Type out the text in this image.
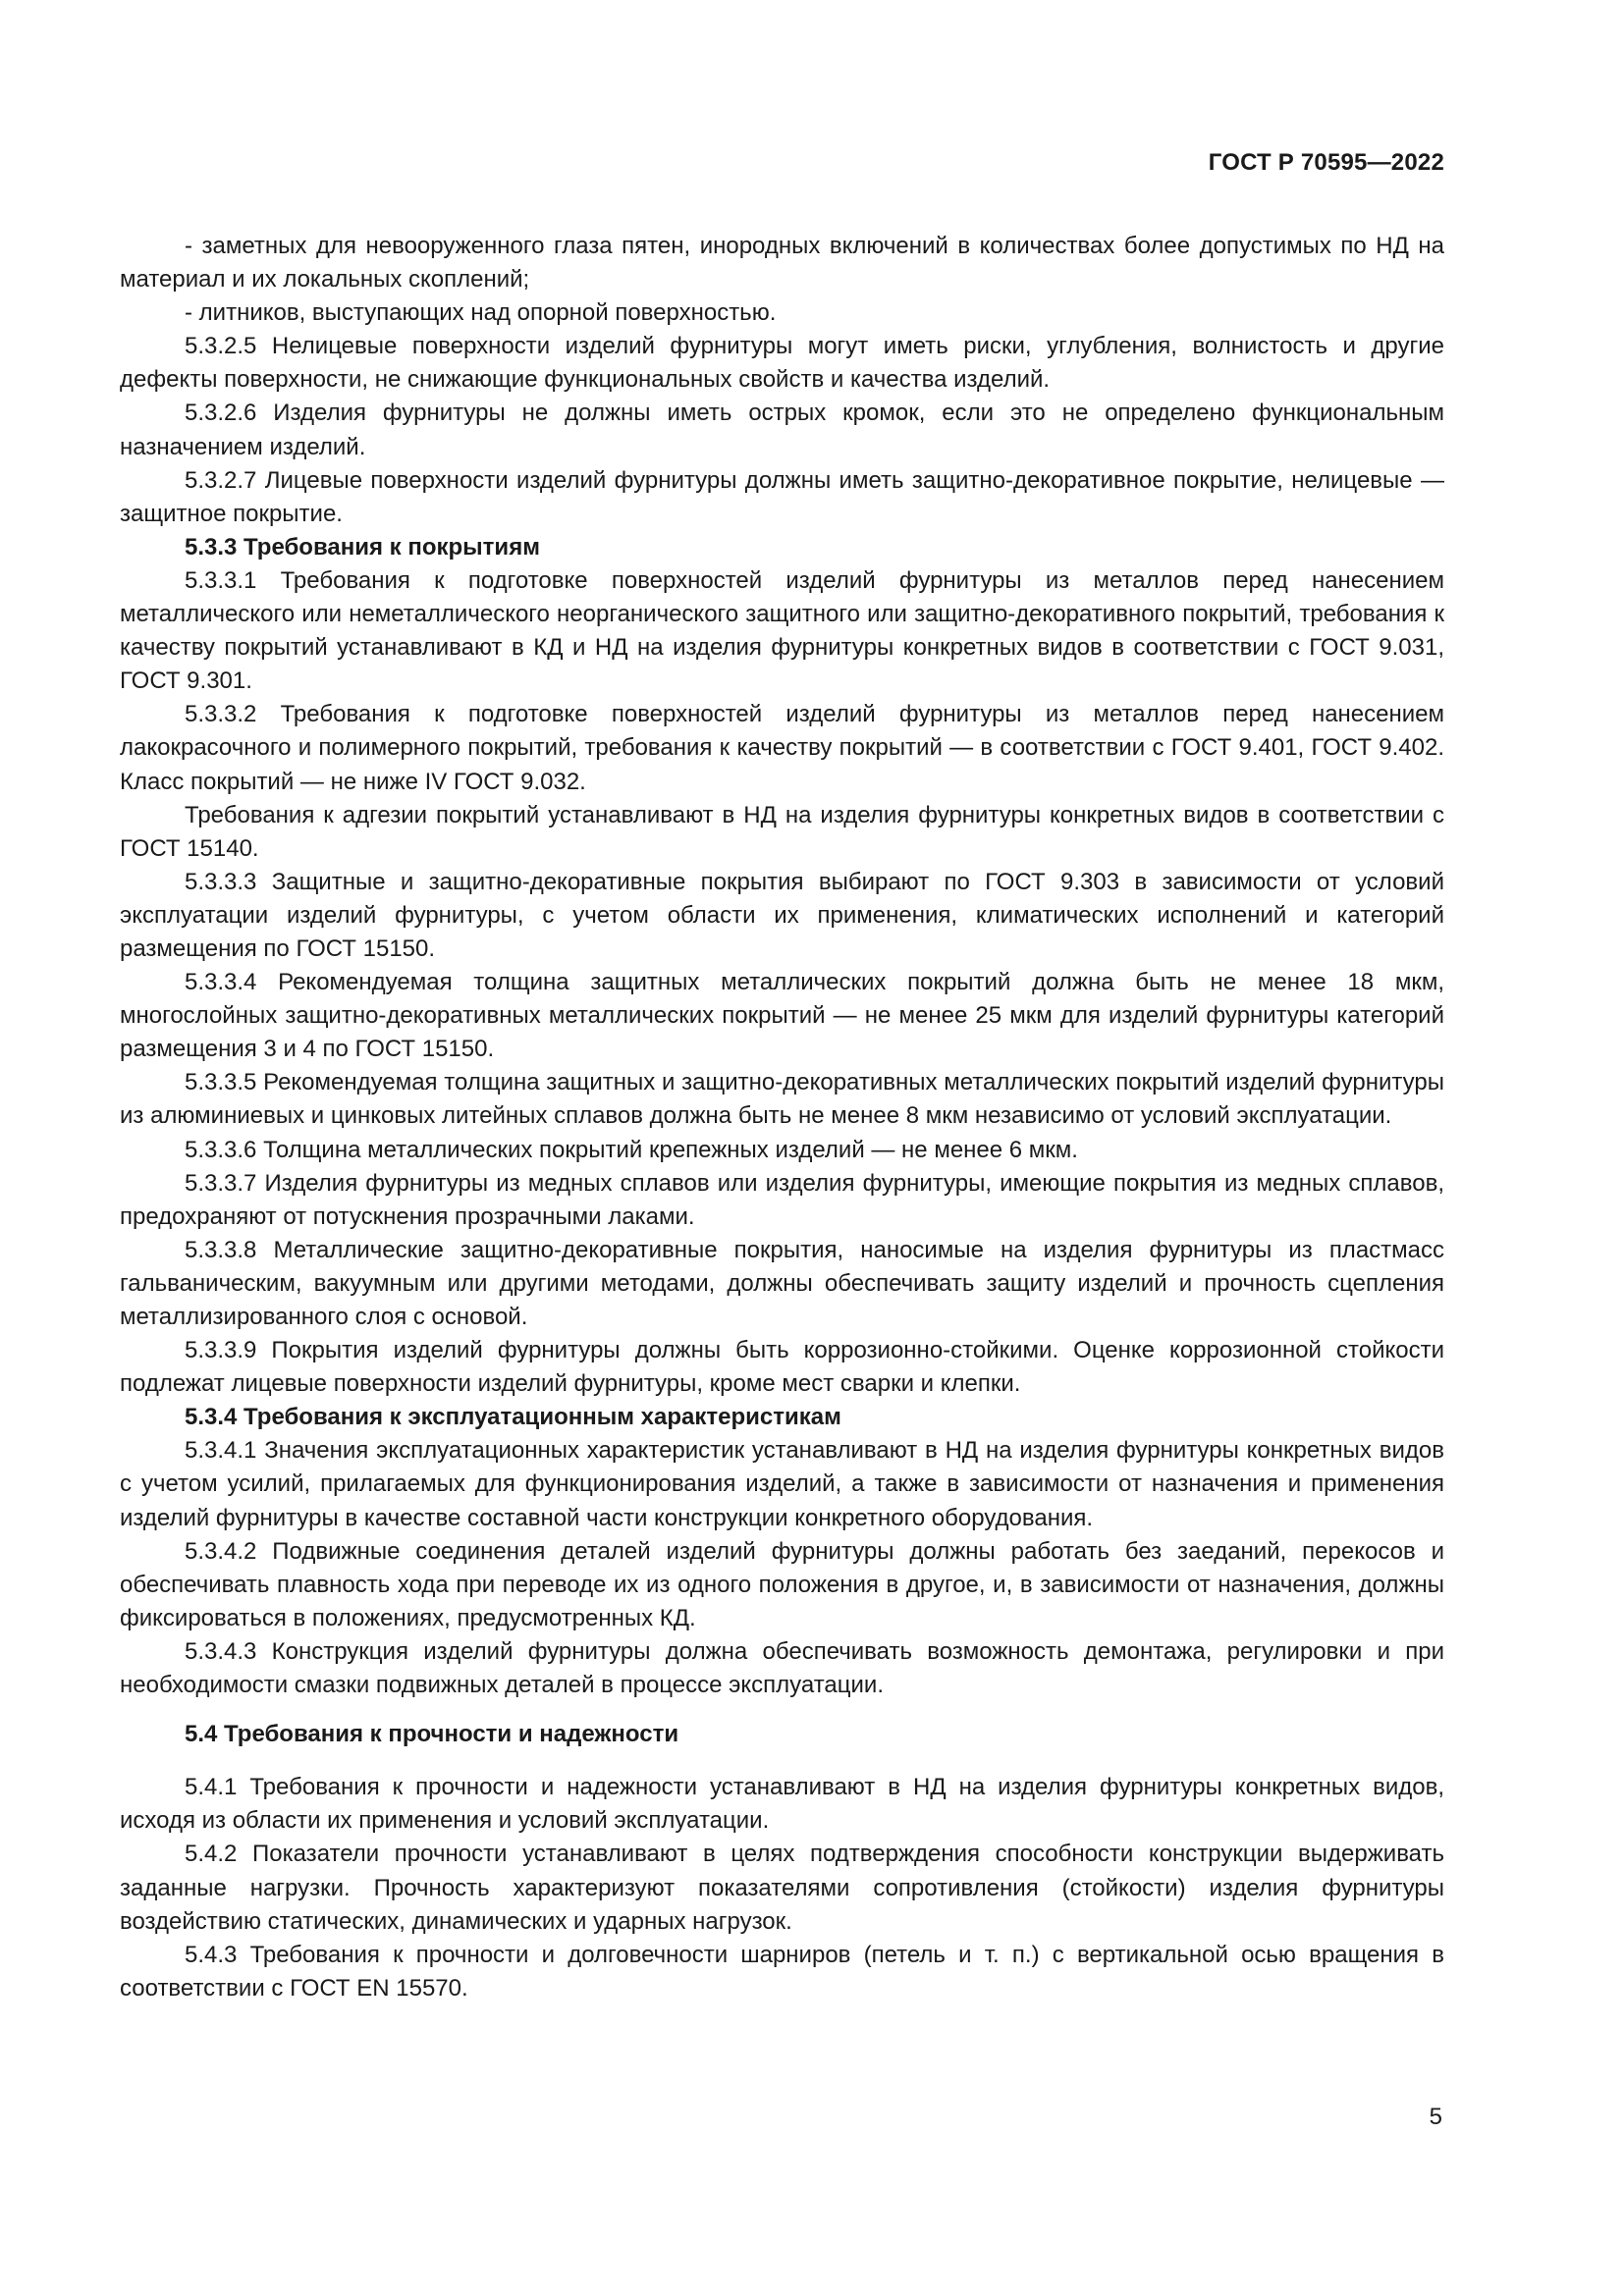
ГОСТ Р 70595—2022

- заметных для невооруженного глаза пятен, инородных включений в количествах более допустимых по НД на материал и их локальных скоплений;

- литников, выступающих над опорной поверхностью.

5.3.2.5 Нелицевые поверхности изделий фурнитуры могут иметь риски, углубления, волнистость и другие дефекты поверхности, не снижающие функциональных свойств и качества изделий.

5.3.2.6 Изделия фурнитуры не должны иметь острых кромок, если это не определено функциональным назначением изделий.

5.3.2.7 Лицевые поверхности изделий фурнитуры должны иметь защитно-декоративное покрытие, нелицевые — защитное покрытие.

5.3.3 Требования к покрытиям

5.3.3.1 Требования к подготовке поверхностей изделий фурнитуры из металлов перед нанесением металлического или неметаллического неорганического защитного или защитно-декоративного покрытий, требования к качеству покрытий устанавливают в КД и НД на изделия фурнитуры конкретных видов в соответствии с ГОСТ 9.031, ГОСТ 9.301.

5.3.3.2 Требования к подготовке поверхностей изделий фурнитуры из металлов перед нанесением лакокрасочного и полимерного покрытий, требования к качеству покрытий — в соответствии с ГОСТ 9.401, ГОСТ 9.402. Класс покрытий — не ниже IV ГОСТ 9.032.

Требования к адгезии покрытий устанавливают в НД на изделия фурнитуры конкретных видов в соответствии с ГОСТ 15140.

5.3.3.3 Защитные и защитно-декоративные покрытия выбирают по ГОСТ 9.303 в зависимости от условий эксплуатации изделий фурнитуры, с учетом области их применения, климатических исполнений и категорий размещения по ГОСТ 15150.

5.3.3.4 Рекомендуемая толщина защитных металлических покрытий должна быть не менее 18 мкм, многослойных защитно-декоративных металлических покрытий — не менее 25 мкм для изделий фурнитуры категорий размещения 3 и 4 по ГОСТ 15150.

5.3.3.5 Рекомендуемая толщина защитных и защитно-декоративных металлических покрытий изделий фурнитуры из алюминиевых и цинковых литейных сплавов должна быть не менее 8 мкм независимо от условий эксплуатации.

5.3.3.6 Толщина металлических покрытий крепежных изделий — не менее 6 мкм.

5.3.3.7 Изделия фурнитуры из медных сплавов или изделия фурнитуры, имеющие покрытия из медных сплавов, предохраняют от потускнения прозрачными лаками.

5.3.3.8 Металлические защитно-декоративные покрытия, наносимые на изделия фурнитуры из пластмасс гальваническим, вакуумным или другими методами, должны обеспечивать защиту изделий и прочность сцепления металлизированного слоя с основой.

5.3.3.9 Покрытия изделий фурнитуры должны быть коррозионно-стойкими. Оценке коррозионной стойкости подлежат лицевые поверхности изделий фурнитуры, кроме мест сварки и клепки.

5.3.4 Требования к эксплуатационным характеристикам

5.3.4.1 Значения эксплуатационных характеристик устанавливают в НД на изделия фурнитуры конкретных видов с учетом усилий, прилагаемых для функционирования изделий, а также в зависимости от назначения и применения изделий фурнитуры в качестве составной части конструкции конкретного оборудования.

5.3.4.2 Подвижные соединения деталей изделий фурнитуры должны работать без заеданий, перекосов и обеспечивать плавность хода при переводе их из одного положения в другое, и, в зависимости от назначения, должны фиксироваться в положениях, предусмотренных КД.

5.3.4.3 Конструкция изделий фурнитуры должна обеспечивать возможность демонтажа, регулировки и при необходимости смазки подвижных деталей в процессе эксплуатации.

5.4 Требования к прочности и надежности

5.4.1 Требования к прочности и надежности устанавливают в НД на изделия фурнитуры конкретных видов, исходя из области их применения и условий эксплуатации.

5.4.2 Показатели прочности устанавливают в целях подтверждения способности конструкции выдерживать заданные нагрузки. Прочность характеризуют показателями сопротивления (стойкости) изделия фурнитуры воздействию статических, динамических и ударных нагрузок.

5.4.3 Требования к прочности и долговечности шарниров (петель и т. п.) с вертикальной осью вращения в соответствии с ГОСТ EN 15570.

5
